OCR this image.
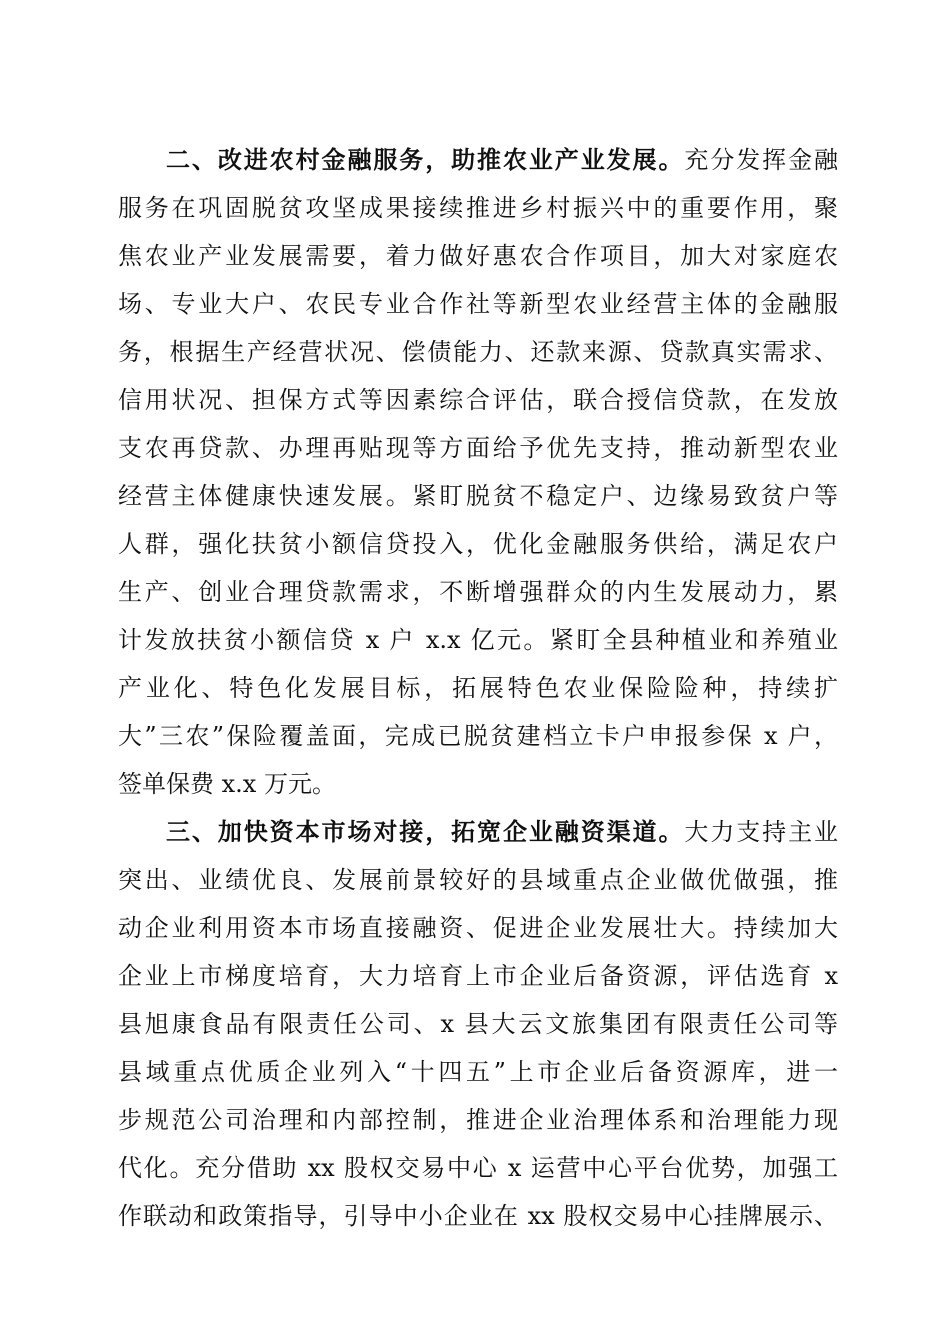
二、改进农村金融服务，助推农业产业发展。充分发挥金融
服务在巩固脱贫攻坚成果接续推进乡村振兴中的重要作用，聚
焦农业产业发展需要，着力做好惠农合作项目，加大对家庭农
场、专业大户、农民专业合作社等新型农业经营主体的金融服
务，根据生产经营状况、偿债能力、还款来源、贷款真实需求、
信用状况、担保方式等因素综合评估，联合授信贷款，在发放
支农再贷款、办理再贴现等方面给予优先支持，推动新型农业
经营主体健康快速发展。紧盯脱贫不稳定户、边缘易致贫户等
人群，强化扶贫小额信贷投入，优化金融服务供给，满足农户
生产、创业合理贷款需求，不断增强群众的内生发展动力，累
计发放扶贫小额信贷 x 户 x.x 亿元。紧盯全县种植业和养殖业
产业化、特色化发展目标，拓展特色农业保险险种，持续扩
大”三农”保险覆盖面，完成已脱贫建档立卡户申报参保 x 户，
签单保费 x.x 万元。
三、加快资本市场对接，拓宽企业融资渠道。大力支持主业
突出、业绩优良、发展前景较好的县域重点企业做优做强，推
动企业利用资本市场直接融资、促进企业发展壮大。持续加大
企业上市梯度培育，大力培育上市企业后备资源，评估选育 x
县旭康食品有限责任公司、x 县大云文旅集团有限责任公司等
县域重点优质企业列入“十四五”上市企业后备资源库，进一
步规范公司治理和内部控制，推进企业治理体系和治理能力现
代化。充分借助 xx 股权交易中心 x 运营中心平台优势，加强工
作联动和政策指导，引导中小企业在 xx 股权交易中心挂牌展示、
